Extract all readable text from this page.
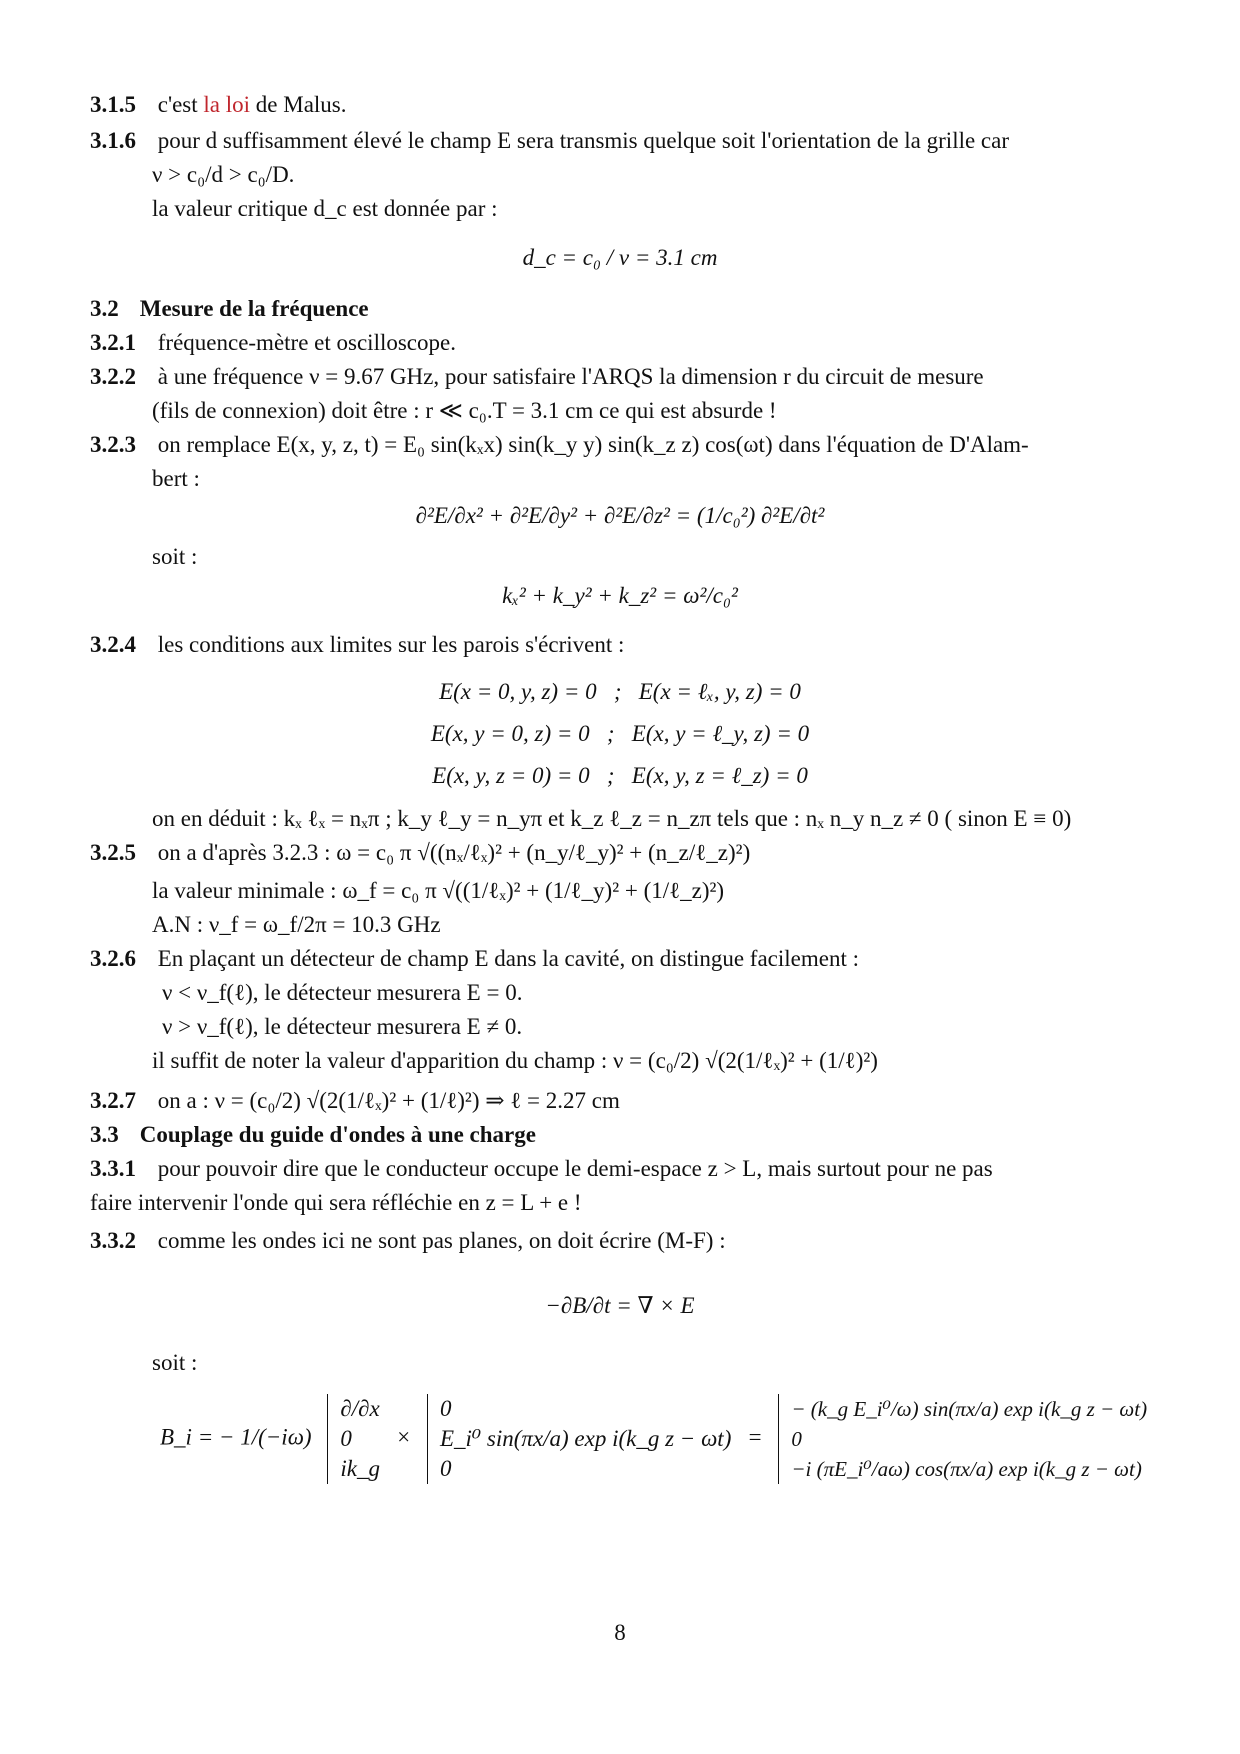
3.1.5 c'est la loi de Malus.

3.1.6 pour d suffisamment élevé le champ E sera transmis quelque soit l'orientation de la grille car

ν > c₀/d > c₀/D.

la valeur critique d_c est donnée par :

d_c = c₀ / ν = 3.1 cm

3.2 Mesure de la fréquence

3.2.1 fréquence-mètre et oscilloscope.

3.2.2 à une fréquence ν = 9.67 GHz, pour satisfaire l'ARQS la dimension r du circuit de mesure

(fils de connexion) doit être : r ≪ c₀.T = 3.1 cm ce qui est absurde !

3.2.3 on remplace E(x, y, z, t) = E₀ sin(kₓx) sin(k_y y) sin(k_z z) cos(ωt) dans l'équation de D'Alam-

bert :

∂²E/∂x² + ∂²E/∂y² + ∂²E/∂z² = (1/c₀²) ∂²E/∂t²

soit :

kₓ² + k_y² + k_z² = ω²/c₀²

3.2.4 les conditions aux limites sur les parois s'écrivent :

E(x = 0, y, z) = 0   ;   E(x = ℓₓ, y, z) = 0

E(x, y = 0, z) = 0   ;   E(x, y = ℓ_y, z) = 0

E(x, y, z = 0) = 0   ;   E(x, y, z = ℓ_z) = 0

on en déduit : kₓ ℓₓ = nₓπ ; k_y ℓ_y = n_yπ et k_z ℓ_z = n_zπ tels que : nₓ n_y n_z ≠ 0 ( sinon E ≡ 0)

3.2.5 on a d'après 3.2.3 : ω = c₀ π √((nₓ/ℓₓ)² + (n_y/ℓ_y)² + (n_z/ℓ_z)²)

la valeur minimale : ω_f = c₀ π √((1/ℓₓ)² + (1/ℓ_y)² + (1/ℓ_z)²)

A.N : ν_f = ω_f/2π = 10.3 GHz

3.2.6 En plaçant un détecteur de champ E dans la cavité, on distingue facilement :

ν < ν_f(ℓ), le détecteur mesurera E = 0.

ν > ν_f(ℓ), le détecteur mesurera E ≠ 0.

il suffit de noter la valeur d'apparition du champ : ν = (c₀/2) √(2(1/ℓₓ)² + (1/ℓ)²)

3.2.7 on a : ν = (c₀/2) √(2(1/ℓₓ)² + (1/ℓ)²) ⇒ ℓ = 2.27 cm

3.3 Couplage du guide d'ondes à une charge

3.3.1 pour pouvoir dire que le conducteur occupe le demi-espace z > L, mais surtout pour ne pas

faire intervenir l'onde qui sera réfléchie en z = L + e !

3.3.2 comme les ondes ici ne sont pas planes, on doit écrire (M-F) :

−∂B/∂t = ∇ × E

soit :

B_i = − 1/(−iω)
∂/∂x
0
ik_g
×
0
E_i⁰ sin(πx/a) exp i(k_g z − ωt)
0
=
− (k_g E_i⁰/ω) sin(πx/a) exp i(k_g z − ωt)
0
−i (πE_i⁰/aω) cos(πx/a) exp i(k_g z − ωt)
8
